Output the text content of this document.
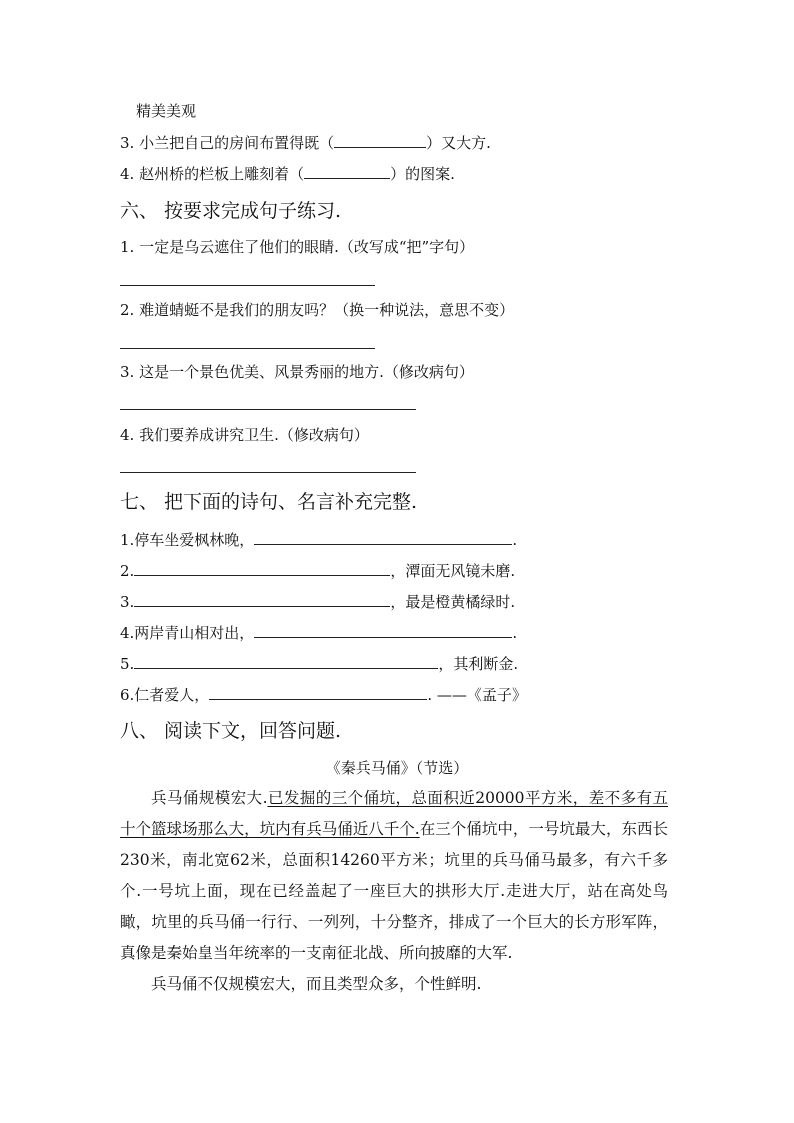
精美美观
3. 小兰把自己的房间布置得既（	）又大方.
4. 赵州桥的栏板上雕刻着（	）的图案.
六、 按要求完成句子练习.
1. 一定是乌云遮住了他们的眼睛.（改写成“把”字句）
2. 难道蜻蜓不是我们的朋友吗？（换一种说法，意思不变）
3. 这是一个景色优美、风景秀丽的地方.（修改病句）
4. 我们要养成讲究卫生.（修改病句）
七、 把下面的诗句、名言补充完整.
1.停车坐爱枫林晚，	.
2.	，潭面无风镜未磨.
3.	，最是橙黄橘绿时.
4.两岸青山相对出，	.
5.	，其利断金.
6.仁者爱人，	. ——《孟子》
八、 阅读下文，回答问题.
《秦兵马俑》（节选）
兵马俑规模宏大.已发掘的三个俑坑，总面积近20000平方米，差不多有五十个篮球场那么大，坑内有兵马俑近八千个.在三个俑坑中，一号坑最大，东西长230米，南北宽62米，总面积14260平方米；坑里的兵马俑马最多，有六千多个.一号坑上面，现在已经盖起了一座巨大的拱形大厅.走进大厅，站在高处鸟瞰，坑里的兵马俑一行行、一列列，十分整齐，排成了一个巨大的长方形军阵，真像是秦始皇当年统率的一支南征北战、所向披靡的大军.
兵马俑不仅规模宏大，而且类型众多，个性鲜明.
